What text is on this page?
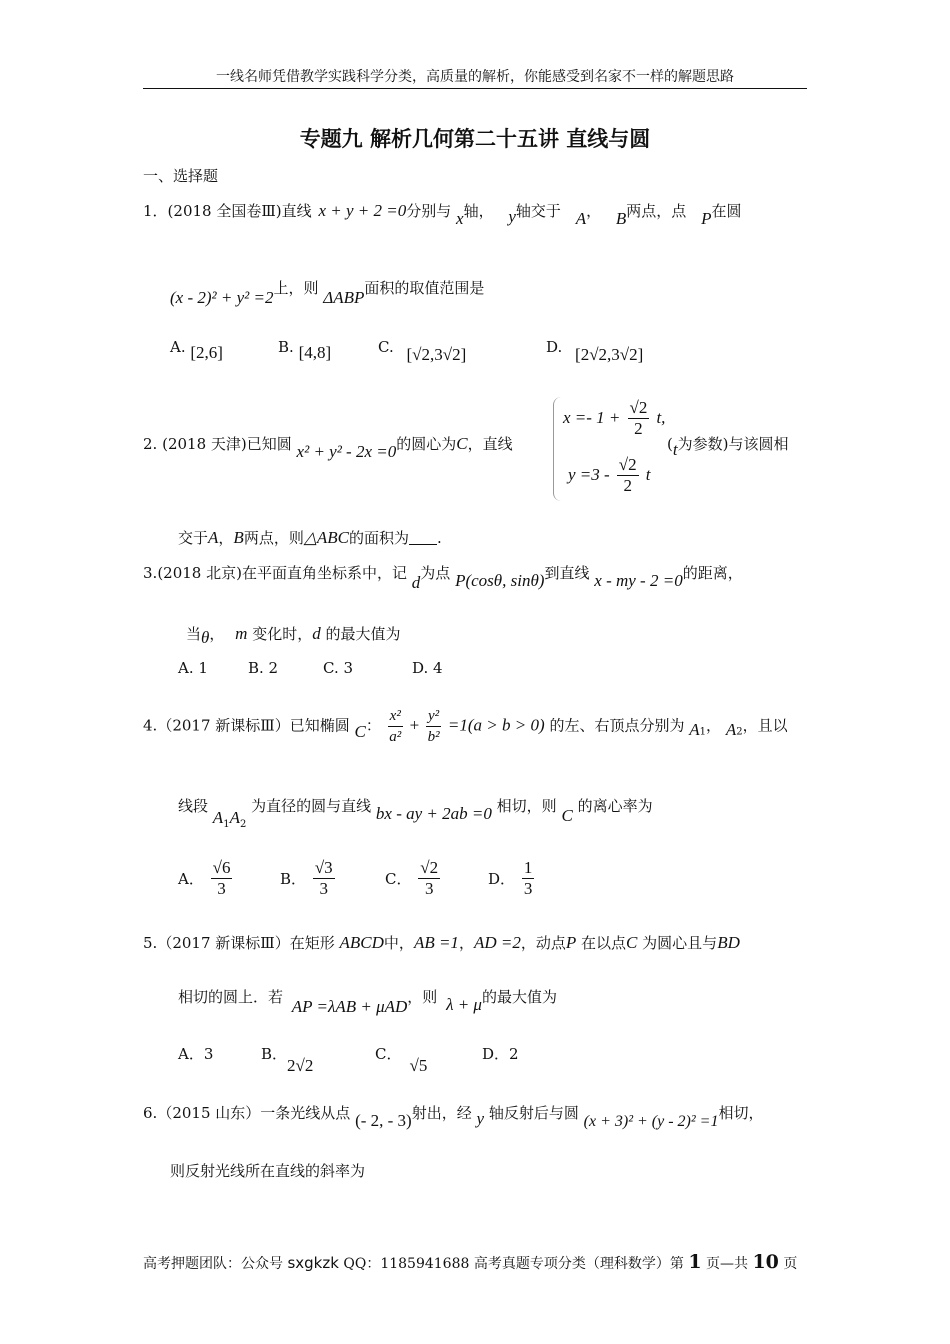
一线名师凭借教学实践科学分类，高质量的解析，你能感受到名家不一样的解题思路
专题九 解析几何第二十五讲 直线与圆
一、选择题
1．(2018 全国卷Ⅲ)直线 x + y + 2 =0分别与 x轴， y轴交于 A， B两点，点 P在圆
(x - 2)² + y² =2上，则 ΔABP面积的取值范围是
A. [2,6]	B. [4,8]	C. [√2,3√2]	D. [2√2,3√2]
2. (2018 天津)已知圆 x² + y² - 2x =0的圆心为C，直线
$x =- 1 + \frac{√2}{2} t$,
$y =3 - \frac{√2}{2}$ t
(t为参数)与该圆相
交于A，B两点，则△ABC的面积为 .
3.(2018 北京)在平面直角坐标系中，记 d为点 P(cosθ, sinθ)到直线 x - my - 2 =0的距离，
当θ， m 变化时，d 的最大值为
A. 1	B. 2	C. 3	D. 4
4.（2017 新课标Ⅲ）已知椭圆 C： $\frac{\text{x²}}{\text{a²}} + \frac{\text{y²}}{\text{b²}} =1(a > b > 0)$ 的左、右顶点分别为 $A_1$， $A_2$，且以
线段 $A_1A_2$ 为直径的圆与直线 bx - ay + 2ab =0 相切，则 C 的离心率为
A． $\frac{√6}{3}$	B． $\frac{√3}{3}$	C． $\frac{√2}{3}$	D． $\frac{1}{3}$
5.（2017 新课标Ⅲ）在矩形 ABCD中，AB =1，AD =2，动点P 在以点C 为圆心且与BD
相切的圆上．若 AP =λAB + μAD，则 λ + μ的最大值为
A．3	B．2√2
C．√5
D．2
6.（2015 山东）一条光线从点 (- 2, - 3)射出，经 y 轴反射后与圆 (x + 3)² + (y - 2)² =1相切，
则反射光线所在直线的斜率为
高考押题团队：公众号 sxgkzk QQ：1185941688 高考真题专项分类（理科数学）第 1 页—共 10 页
